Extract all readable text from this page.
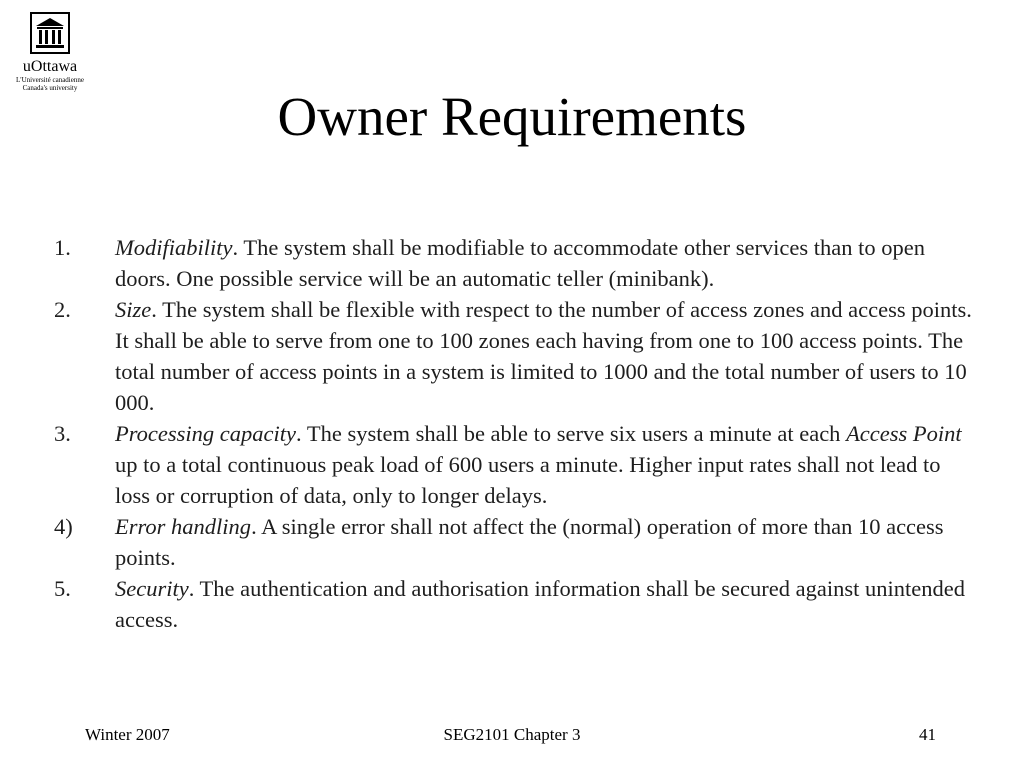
uOttawa
L'Université canadienne
Canada's university	Owner Requirements
1.	Modifiability. The system shall be modifiable to accommodate other services than to open doors. One possible service will be an automatic teller (minibank).
2.	Size. The system shall be flexible with respect to the number of access zones and access points. It shall be able to serve from one to 100 zones each having from one to 100 access points. The total number of access points in a system is limited to 1000 and the total number of users to 10 000.
3.	Processing capacity. The system shall be able to serve six users a minute at each Access Point up to a total continuous peak load of 600 users a minute. Higher input rates shall not lead to loss or corruption of data, only to longer delays.
4)	Error handling. A single error shall not affect the (normal) operation of more than 10 access points.
5.	Security. The authentication and authorisation information shall be secured against unintended access.
Winter 2007	SEG2101 Chapter 3	41
